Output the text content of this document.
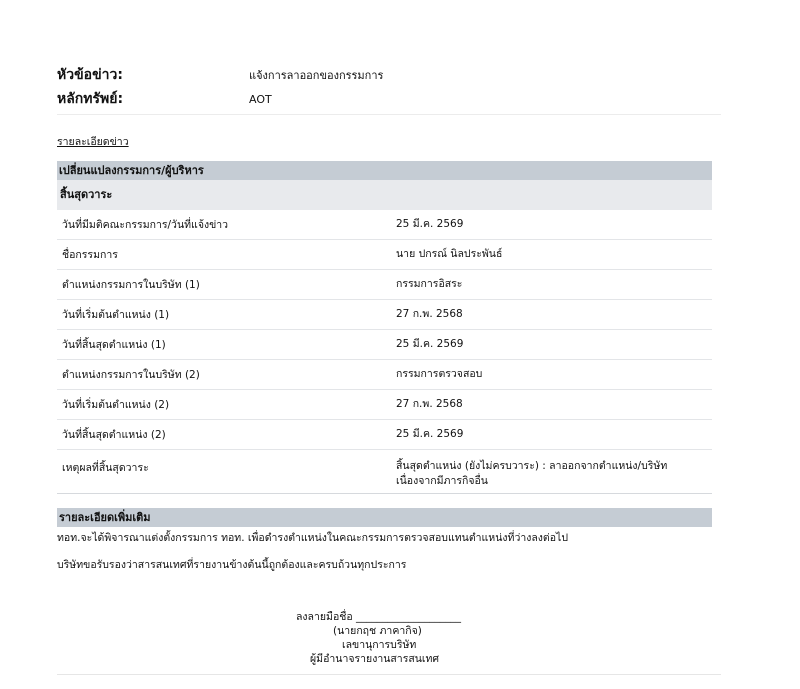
หัวข้อข่าว:	แจ้งการลาออกของกรรมการ
หลักทรัพย์:	AOT
รายละเอียดข่าว
เปลี่ยนแปลงกรรมการ/ผู้บริหาร
สิ้นสุดวาระ
วันที่มีมติคณะกรรมการ/วันที่แจ้งข่าว	25 มี.ค. 2569
ชื่อกรรมการ	นาย ปกรณ์ นิลประพันธ์
ตำแหน่งกรรมการในบริษัท (1)	กรรมการอิสระ
วันที่เริ่มต้นตำแหน่ง (1)	27 ก.พ. 2568
วันที่สิ้นสุดตำแหน่ง (1)	25 มี.ค. 2569
ตำแหน่งกรรมการในบริษัท (2)	กรรมการตรวจสอบ
วันที่เริ่มต้นตำแหน่ง (2)	27 ก.พ. 2568
วันที่สิ้นสุดตำแหน่ง (2)	25 มี.ค. 2569
เหตุผลที่สิ้นสุดวาระ	สิ้นสุดตำแหน่ง (ยังไม่ครบวาระ) : ลาออกจากตำแหน่ง/บริษัท
เนื่องจากมีภารกิจอื่น
รายละเอียดเพิ่มเติม
ทอท.จะได้พิจารณาแต่งตั้งกรรมการ ทอท. เพื่อดำรงตำแหน่งในคณะกรรมการตรวจสอบแทนตำแหน่งที่ว่างลงต่อไป
บริษัทขอรับรองว่าสารสนเทศที่รายงานข้างต้นนี้ถูกต้องและครบถ้วนทุกประการ
ลงลายมือชื่อ ____________________
(นายกฤช ภาคากิจ)
เลขานุการบริษัท
ผู้มีอำนาจรายงานสารสนเทศ
